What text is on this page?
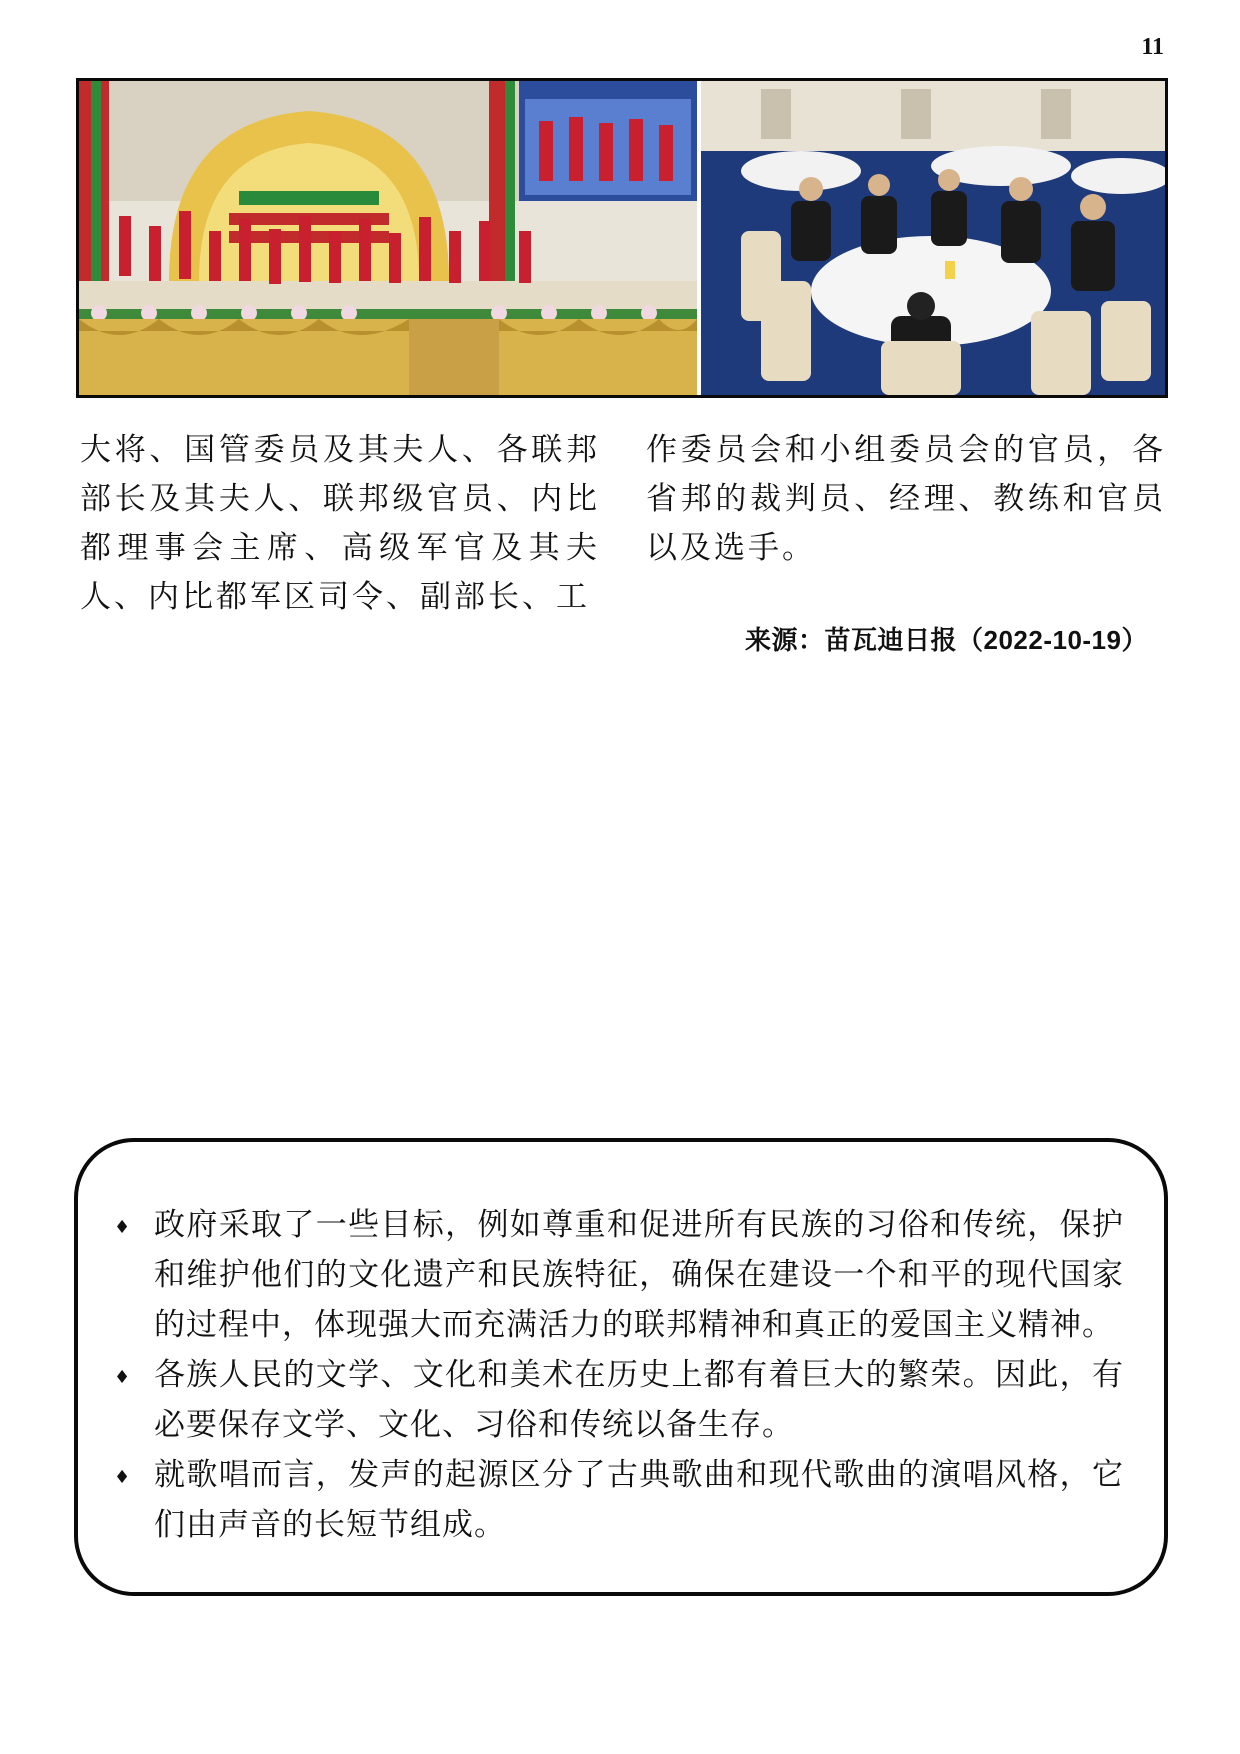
11

大将、国管委员及其夫人、各联邦部长及其夫人、联邦级官员、内比都理事会主席、高级军官及其夫人、内比都军区司令、副部长、工

作委员会和小组委员会的官员，各省邦的裁判员、经理、教练和官员以及选手。

来源：苗瓦迪日报（2022-10-19）
♦ 政府采取了一些目标，例如尊重和促进所有民族的习俗和传统，保护和维护他们的文化遗产和民族特征，确保在建设一个和平的现代国家的过程中，体现强大而充满活力的联邦精神和真正的爱国主义精神。
♦ 各族人民的文学、文化和美术在历史上都有着巨大的繁荣。因此，有必要保存文学、文化、习俗和传统以备生存。
♦ 就歌唱而言，发声的起源区分了古典歌曲和现代歌曲的演唱风格，它们由声音的长短节组成。
